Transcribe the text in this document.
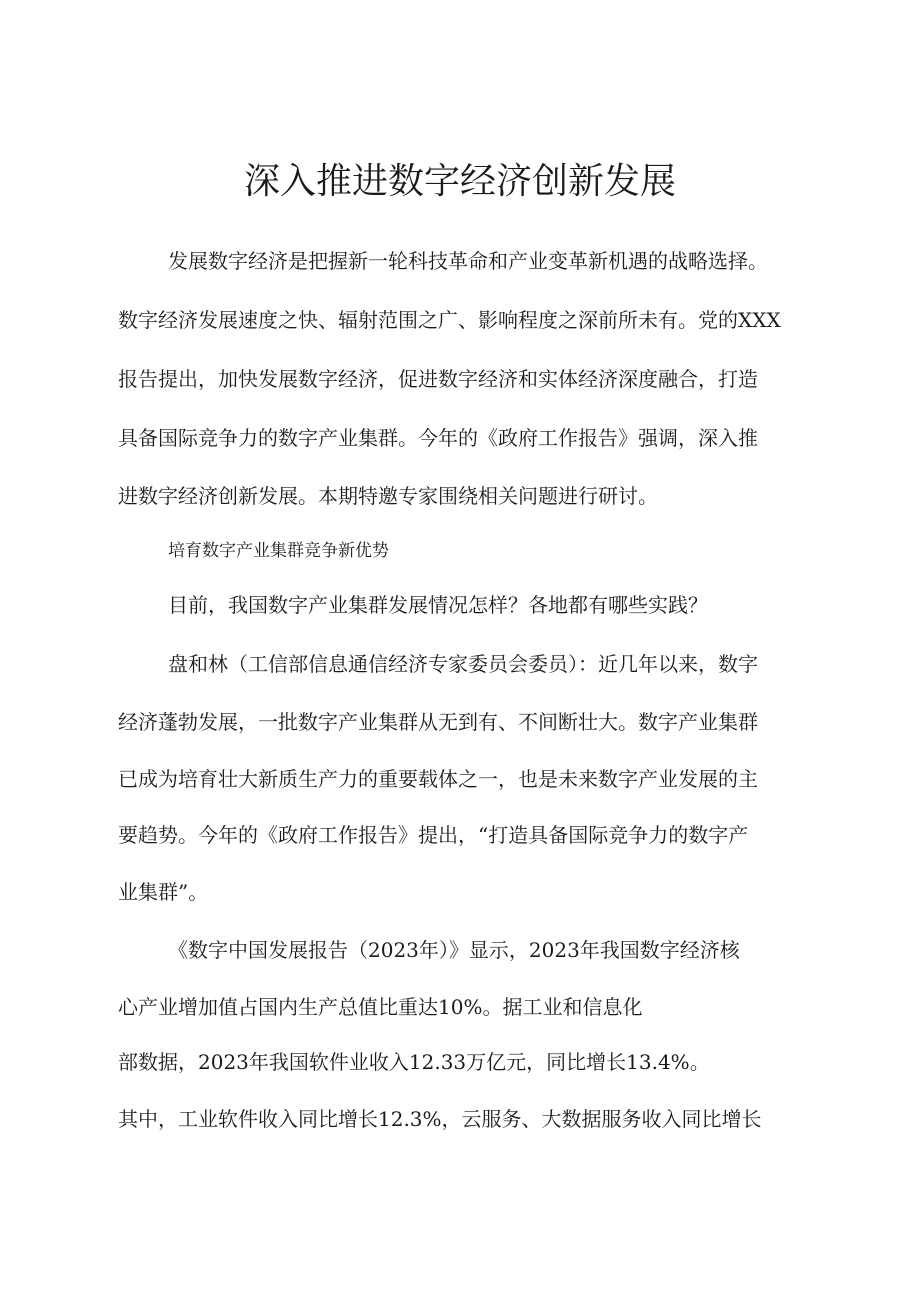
深入推进数字经济创新发展

发展数字经济是把握新一轮科技革命和产业变革新机遇的战略选择。

数字经济发展速度之快、辐射范围之广、影响程度之深前所未有。党的XXX

报告提出，加快发展数字经济，促进数字经济和实体经济深度融合，打造

具备国际竞争力的数字产业集群。今年的《政府工作报告》强调，深入推

进数字经济创新发展。本期特邀专家围绕相关问题进行研讨。

培育数字产业集群竞争新优势

目前，我国数字产业集群发展情况怎样？各地都有哪些实践？

盘和林（工信部信息通信经济专家委员会委员）：近几年以来，数字

经济蓬勃发展，一批数字产业集群从无到有、不间断壮大。数字产业集群

已成为培育壮大新质生产力的重要载体之一，也是未来数字产业发展的主

要趋势。今年的《政府工作报告》提出，“打造具备国际竞争力的数字产

业集群”。

《数字中国发展报告（2023年）》显示，2023年我国数字经济核

心产业增加值占国内生产总值比重达10%。据工业和信息化

部数据，2023年我国软件业收入12.33万亿元，同比增长13.4%。

其中，工业软件收入同比增长12.3%，云服务、大数据服务收入同比增长
